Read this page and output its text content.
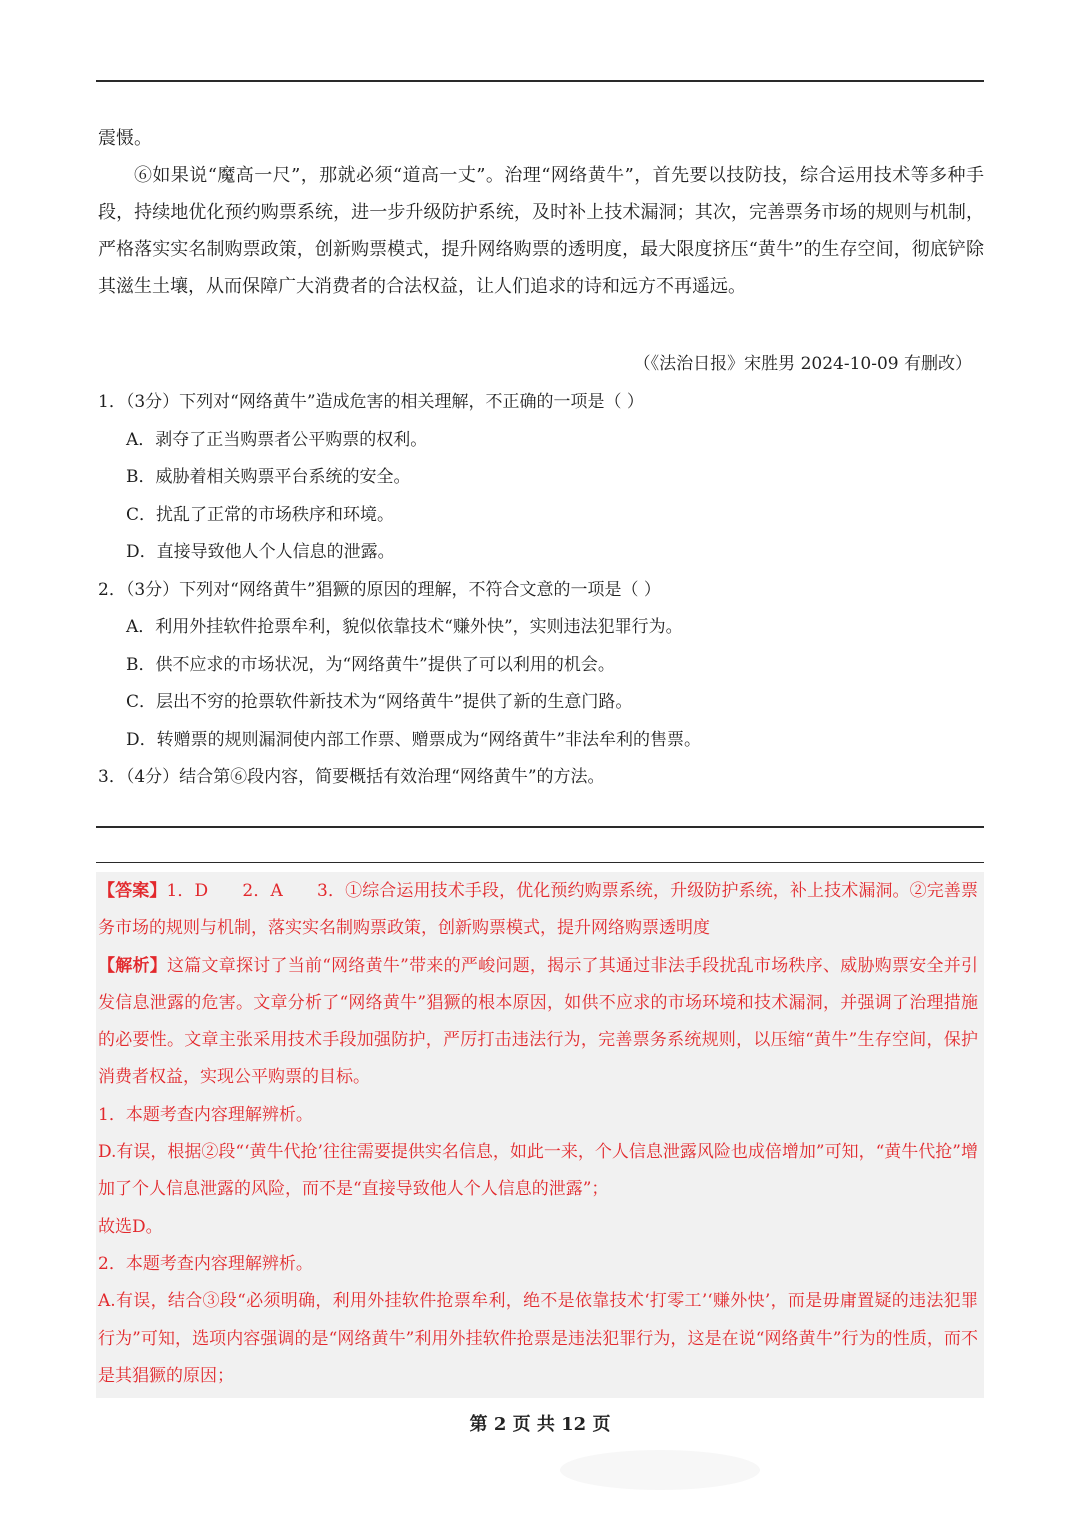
震慑。

⑥如果说“魔高一尺”，那就必须“道高一丈”。治理“网络黄牛”，首先要以技防技，综合运用技术等多种手段，持续地优化预约购票系统，进一步升级防护系统，及时补上技术漏洞；其次，完善票务市场的规则与机制，严格落实实名制购票政策，创新购票模式，提升网络购票的透明度，最大限度挤压“黄牛”的生存空间，彻底铲除其滋生土壤，从而保障广大消费者的合法权益，让人们追求的诗和远方不再遥远。

（《法治日报》宋胜男 2024-10-09 有删改）

1．（3分）下列对“网络黄牛”造成危害的相关理解，不正确的一项是（ ）

A．剥夺了正当购票者公平购票的权利。

B．威胁着相关购票平台系统的安全。

C．扰乱了正常的市场秩序和环境。

D．直接导致他人个人信息的泄露。

2．（3分）下列对“网络黄牛”猖獗的原因的理解，不符合文意的一项是（ ）

A．利用外挂软件抢票牟利，貌似依靠技术“赚外快”，实则违法犯罪行为。

B．供不应求的市场状况，为“网络黄牛”提供了可以利用的机会。

C．层出不穷的抢票软件新技术为“网络黄牛”提供了新的生意门路。

D．转赠票的规则漏洞使内部工作票、赠票成为“网络黄牛”非法牟利的售票。

3．（4分）结合第⑥段内容，简要概括有效治理“网络黄牛”的方法。

【答案】1．D　　2．A　　3．①综合运用技术手段，优化预约购票系统，升级防护系统，补上技术漏洞。②完善票务市场的规则与机制，落实实名制购票政策，创新购票模式，提升网络购票透明度

【解析】这篇文章探讨了当前“网络黄牛”带来的严峻问题，揭示了其通过非法手段扰乱市场秩序、威胁购票安全并引发信息泄露的危害。文章分析了“网络黄牛”猖獗的根本原因，如供不应求的市场环境和技术漏洞，并强调了治理措施的必要性。文章主张采用技术手段加强防护，严厉打击违法行为，完善票务系统规则，以压缩“黄牛”生存空间，保护消费者权益，实现公平购票的目标。

1．本题考查内容理解辨析。

D.有误，根据②段“‘黄牛代抢’往往需要提供实名信息，如此一来，个人信息泄露风险也成倍增加”可知，“黄牛代抢”增加了个人信息泄露的风险，而不是“直接导致他人个人信息的泄露”；

故选D。

2．本题考查内容理解辨析。

A.有误，结合③段“必须明确，利用外挂软件抢票牟利，绝不是依靠技术‘打零工’‘赚外快’，而是毋庸置疑的违法犯罪行为”可知，选项内容强调的是“网络黄牛”利用外挂软件抢票是违法犯罪行为，这是在说“网络黄牛”行为的性质，而不是其猖獗的原因；

第 2 页 共 12 页
